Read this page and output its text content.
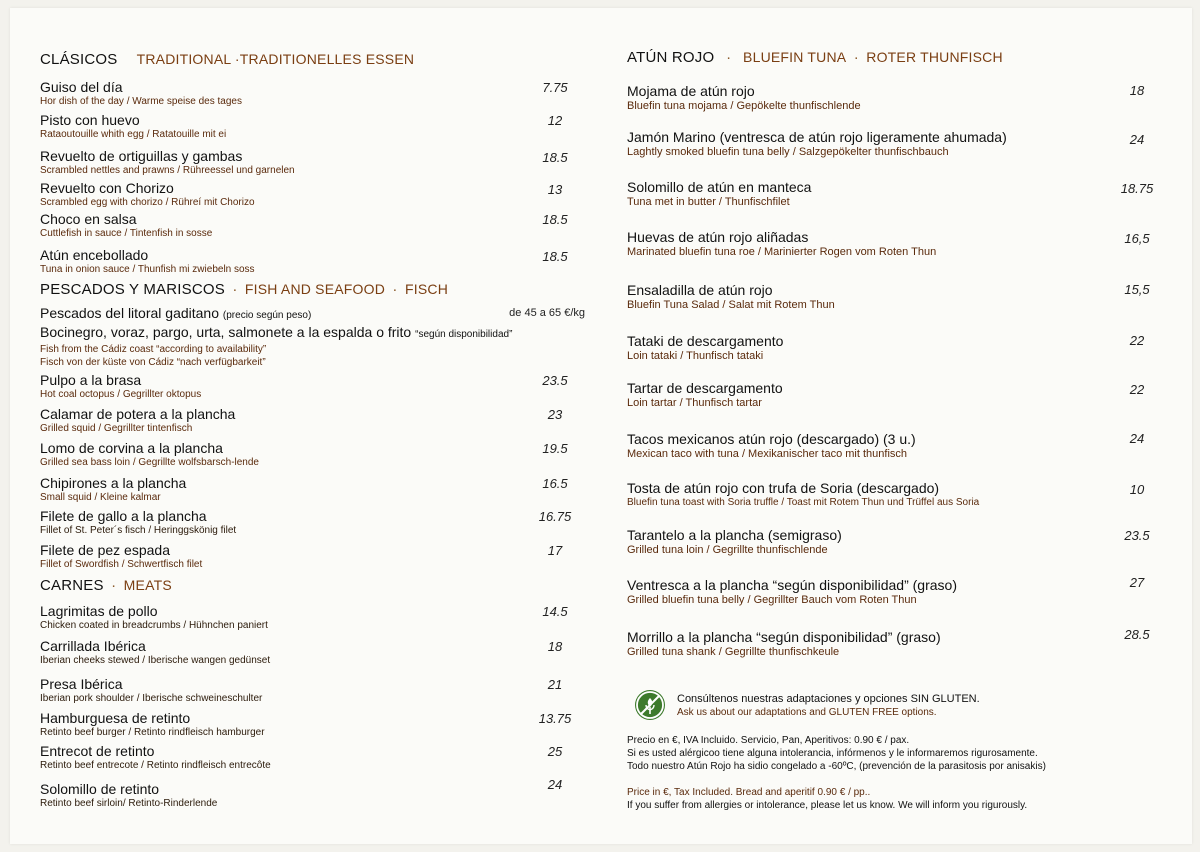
CLÁSICOS TRADITIONAL ·TRADITIONELLES ESSEN
Guiso del día
Hor dish of the day / Warme speise des tages
7.75
Pisto con huevo
Rataoutouille whith egg / Ratatouille mit ei
12
Revuelto de ortiguillas y gambas
Scrambled nettles and prawns / Rühreessel und garnelen
18.5
Revuelto con Chorizo
Scrambled egg with chorizo / Rühreí mit Chorizo
13
Choco en salsa
Cuttlefish in sauce / Tintenfish in sosse
18.5
Atún encebollado
Tuna in onion sauce / Thunfish mi zwiebeln soss
18.5
PESCADOS Y MARISCOS · FISH AND SEAFOOD · FISCH
Pescados del litoral gaditano (precio según peso)
Bocinegro, voraz, pargo, urta, salmonete a la espalda o frito “según disponibilidad”
Fish from the Cádiz coast “according to availability”
Fisch von der küste von Cádiz “nach verfügbarkeit”
de 45 a 65 €/kg
Pulpo a la brasa
Hot coal octopus / Gegrillter oktopus
23.5
Calamar de potera a la plancha
Grilled squid / Gegrillter tintenfisch
23
Lomo de corvina a la plancha
Grilled sea bass loin / Gegrillte wolfsbarsch-lende
19.5
Chipirones a la plancha
Small squid / Kleine kalmar
16.5
Filete de gallo a la plancha
Fillet of St. Peter´s fisch / Heringgskönig filet
16.75
Filete de pez espada
Fillet of Swordfish / Schwertfisch filet
17
CARNES · MEATS
Lagrimitas de pollo
Chicken coated in breadcrumbs / Hühnchen paniert
14.5
Carrillada Ibérica
Iberian cheeks stewed / Iberische wangen gedünset
18
Presa Ibérica
Iberian pork shoulder / Iberische schweineschulter
21
Hamburguesa de retinto
Retinto beef burger / Retinto rindfleisch hamburger
13.75
Entrecot de retinto
Retinto beef entrecote / Retinto rindfleisch entrecôte
25
Solomillo de retinto
Retinto beef sirloin/ Retinto-Rinderlende
24
ATÚN ROJO  ·  BLUEFIN TUNA · ROTER THUNFISCH
Mojama de atún rojo
Bluefin tuna mojama / Gepökelte thunfischlende
18
Jamón Marino (ventresca de atún rojo ligeramente ahumada)
Laghtly smoked bluefin tuna belly / Salzgepökelter thunfischbauch
24
Solomillo de atún en manteca
Tuna met in butter / Thunfischfilet
18.75
Huevas de atún rojo aliñadas
Marinated bluefin tuna roe / Marinierter Rogen vom Roten Thun
16,5
Ensaladilla de atún rojo
Bluefin Tuna Salad / Salat mit Rotem Thun
15,5
Tataki de descargamento
Loin tataki / Thunfisch tataki
22
Tartar de descargamento
Loin tartar / Thunfisch tartar
22
Tacos mexicanos atún rojo (descargado) (3 u.)
Mexican taco with tuna / Mexikanischer taco mit thunfisch
24
Tosta de atún rojo con trufa de Soria (descargado)
Bluefin tuna toast with Soria truffle / Toast mit Rotem Thun und Trüffel aus Soria
10
Tarantelo a la plancha (semigraso)
Grilled tuna loin / Gegrillte thunfischlende
23.5
Ventresca a la plancha “según disponibilidad” (graso)
Grilled bluefin tuna belly / Gegrillter Bauch vom Roten Thun
27
Morrillo a la plancha “según disponibilidad” (graso)
Grilled tuna shank / Gegrillte thunfischkeule
28.5
Consúltenos nuestras adaptaciones y opciones SIN GLUTEN.
Ask us about our adaptations and GLUTEN FREE options.
Precio en €, IVA Incluido. Servicio, Pan, Aperitivos: 0.90 € / pax.
Si es usted alérgicoo tiene alguna intolerancia, infórmenos y le informaremos rigurosamente.
Todo nuestro Atún Rojo ha sidio congelado a -60ºC, (prevención de la parasitosis por anisakis)
Price in €, Tax Included. Bread and aperitif 0.90 € / pp..
If you suffer from allergies or intolerance, please let us know. We will inform you rigurously.
